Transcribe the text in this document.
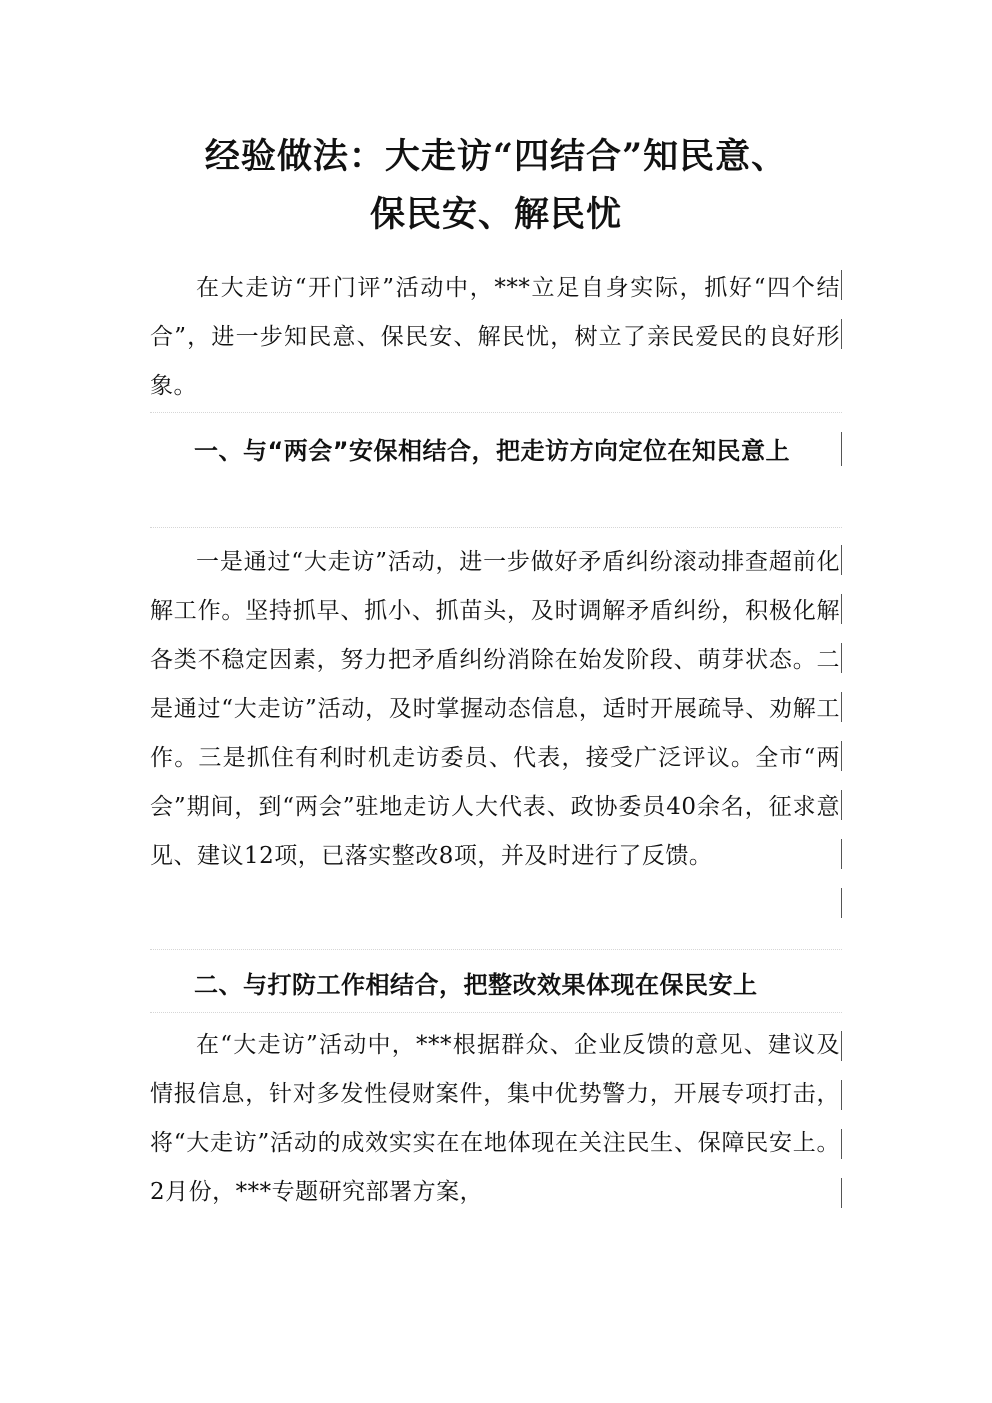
经验做法：大走访“四结合”知民意、
保民安、解民忧

在大走访“开门评”活动中，***立足自身实际，抓好“四个结合”，进一步知民意、保民安、解民忧，树立了亲民爱民的良好形象。

一、与“两会”安保相结合，把走访方向定位在知民意上

一是通过“大走访”活动，进一步做好矛盾纠纷滚动排查超前化解工作。坚持抓早、抓小、抓苗头，及时调解矛盾纠纷，积极化解各类不稳定因素，努力把矛盾纠纷消除在始发阶段、萌芽状态。二是通过“大走访”活动，及时掌握动态信息，适时开展疏导、劝解工作。三是抓住有利时机走访委员、代表，接受广泛评议。全市“两会”期间，到“两会”驻地走访人大代表、政协委员40余名，征求意见、建议12项，已落实整改8项，并及时进行了反馈。

二、与打防工作相结合，把整改效果体现在保民安上

在“大走访”活动中，***根据群众、企业反馈的意见、建议及情报信息，针对多发性侵财案件，集中优势警力，开展专项打击，将“大走访”活动的成效实实在在地体现在关注民生、保障民安上。2月份，***专题研究部署方案，
